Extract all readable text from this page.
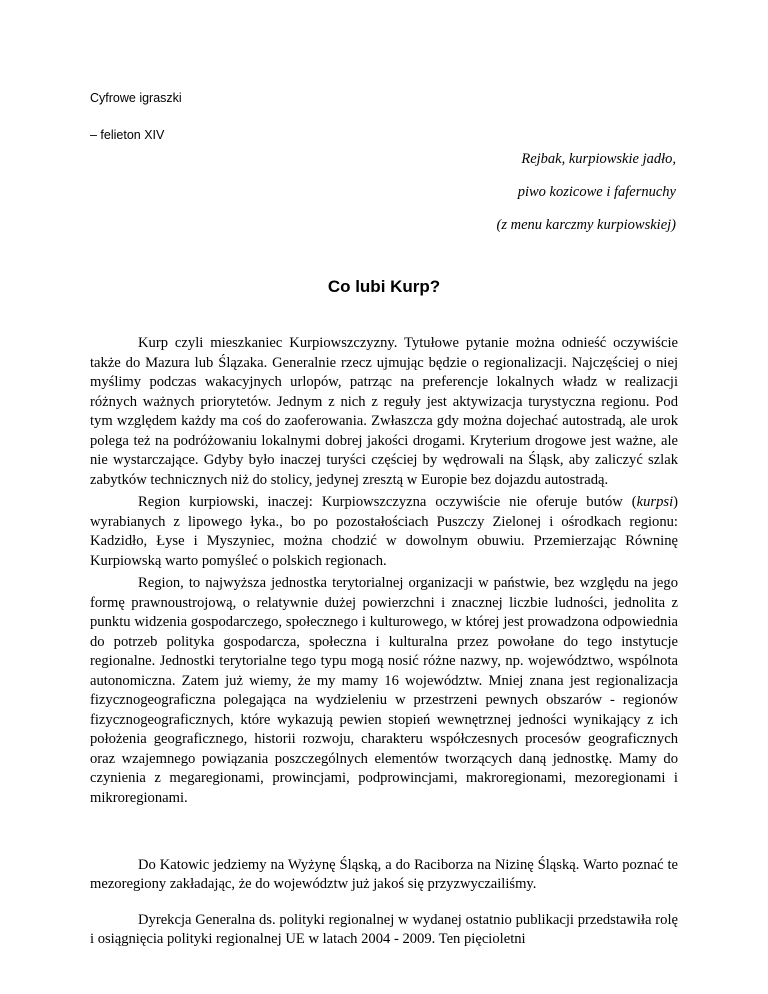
Cyfrowe igraszki
– felieton XIV
Rejbak, kurpiowskie jadło,
piwo kozicowe i fafernuchy
(z menu karczmy kurpiowskiej)
Co lubi Kurp?

Kurp czyli mieszkaniec Kurpiowszczyzny. Tytułowe pytanie można odnieść oczywiście także do Mazura lub Ślązaka. Generalnie rzecz ujmując będzie o regionalizacji. Najczęściej o niej myślimy podczas wakacyjnych urlopów, patrząc na preferencje lokalnych władz w realizacji różnych ważnych priorytetów. Jednym z nich z reguły jest aktywizacja turystyczna regionu. Pod tym względem każdy ma coś do zaoferowania. Zwłaszcza gdy można dojechać autostradą, ale urok polega też na podróżowaniu lokalnymi dobrej jakości drogami. Kryterium drogowe jest ważne, ale nie wystarczające. Gdyby było inaczej turyści częściej by wędrowali na Śląsk, aby zaliczyć szlak zabytków technicznych niż do stolicy, jedynej zresztą w Europie bez dojazdu autostradą.

Region kurpiowski, inaczej: Kurpiowszczyzna oczywiście nie oferuje butów (kurpsi) wyrabianych z lipowego łyka., bo po pozostałościach Puszczy Zielonej i ośrodkach regionu: Kadzidło, Łyse i Myszyniec, można chodzić w dowolnym obuwiu. Przemierzając Równinę Kurpiowską warto pomyśleć o polskich regionach.

Region, to najwyższa jednostka terytorialnej organizacji w państwie, bez względu na jego formę prawnoustrojową, o relatywnie dużej powierzchni i znacznej liczbie ludności, jednolita z punktu widzenia gospodarczego, społecznego i kulturowego, w której jest prowadzona odpowiednia do potrzeb polityka gospodarcza, społeczna i kulturalna przez powołane do tego instytucje regionalne. Jednostki terytorialne tego typu mogą nosić różne nazwy, np. województwo, wspólnota autonomiczna. Zatem już wiemy, że my mamy 16 województw. Mniej znana jest regionalizacja fizycznogeograficzna polegająca na wydzieleniu w przestrzeni pewnych obszarów - regionów fizycznogeograficznych, które wykazują pewien stopień wewnętrznej jedności wynikający z ich położenia geograficznego, historii rozwoju, charakteru współczesnych procesów geograficznych oraz wzajemnego powiązania poszczególnych elementów tworzących daną jednostkę. Mamy do czynienia z megaregionami, prowincjami, podprowincjami, makroregionami, mezoregionami i mikroregionami.

Do Katowic jedziemy na Wyżynę Śląską, a do Raciborza na Nizinę Śląską. Warto poznać te mezoregiony zakładając, że do województw już jakoś się przyzwyczailiśmy.

Dyrekcja Generalna ds. polityki regionalnej w wydanej ostatnio publikacji przedstawiła rolę i osiągnięcia polityki regionalnej UE w latach 2004 - 2009. Ten pięcioletni
